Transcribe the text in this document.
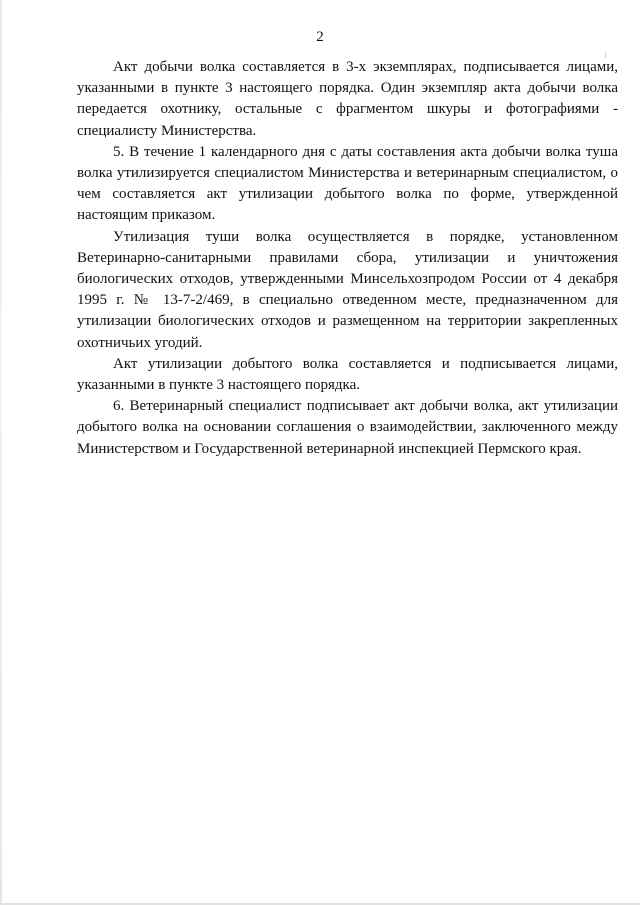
2

Акт добычи волка составляется в 3-х экземплярах, подписывается лицами, указанными в пункте 3 настоящего порядка. Один экземпляр акта добычи волка передается охотнику, остальные с фрагментом шкуры и фотографиями - специалисту Министерства.

5. В течение 1 календарного дня с даты составления акта добычи волка туша волка утилизируется специалистом Министерства и ветеринарным специалистом, о чем составляется акт утилизации добытого волка по форме, утвержденной настоящим приказом.

Утилизация туши волка осуществляется в порядке, установленном Ветеринарно-санитарными правилами сбора, утилизации и уничтожения биологических отходов, утвержденными Минсельхозпродом России от 4 декабря 1995 г. № 13-7-2/469, в специально отведенном месте, предназначенном для утилизации биологических отходов и размещенном на территории закрепленных охотничьих угодий.

Акт утилизации добытого волка составляется и подписывается лицами, указанными в пункте 3 настоящего порядка.

6. Ветеринарный специалист подписывает акт добычи волка, акт утилизации добытого волка на основании соглашения о взаимодействии, заключенного между Министерством и Государственной ветеринарной инспекцией Пермского края.
